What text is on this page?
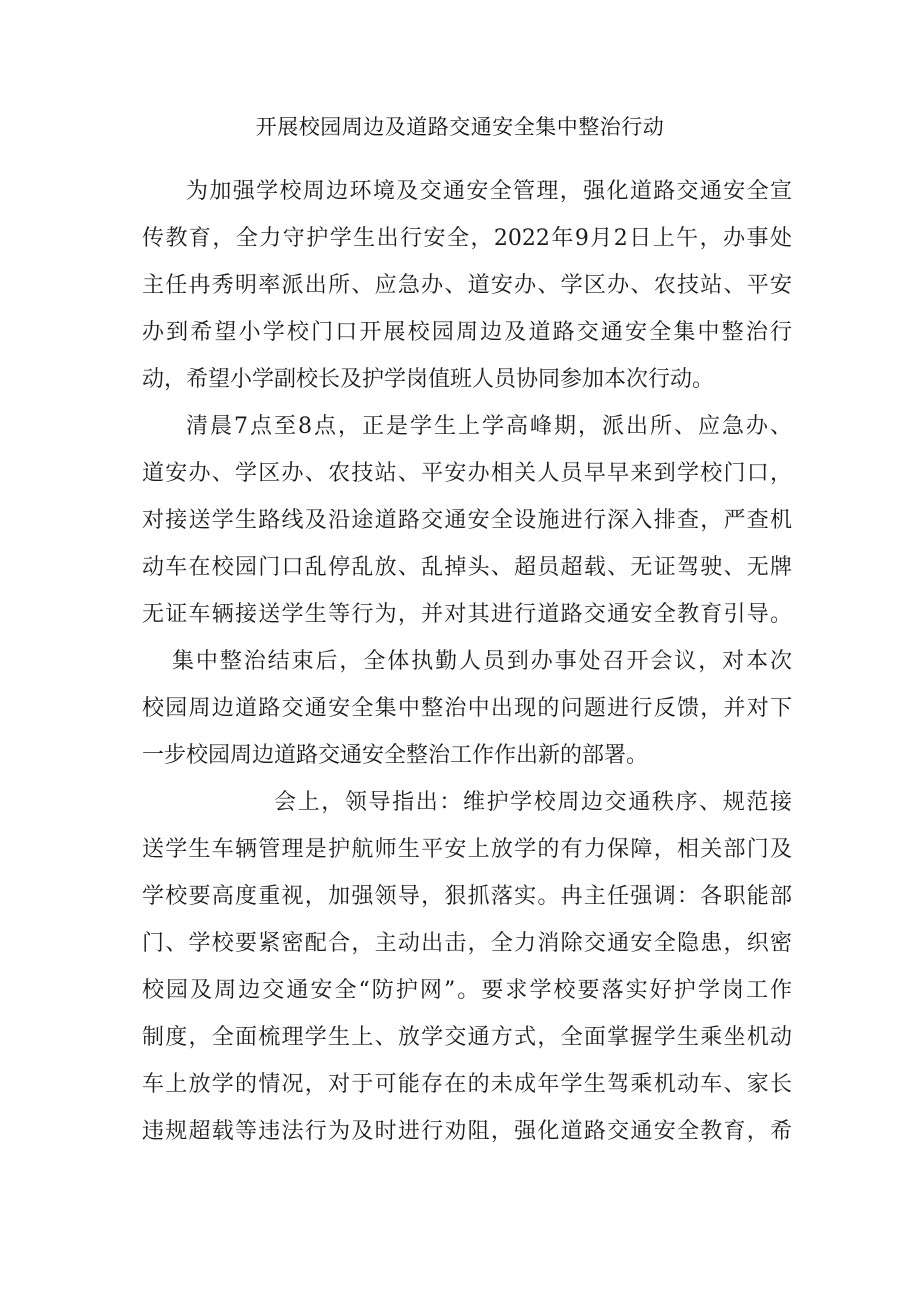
开展校园周边及道路交通安全集中整治行动
为加强学校周边环境及交通安全管理，强化道路交通安全宣
传教育，全力守护学生出行安全，2022年9月2日上午，办事处
主任冉秀明率派出所、应急办、道安办、学区办、农技站、平安
办到希望小学校门口开展校园周边及道路交通安全集中整治行
动，希望小学副校长及护学岗值班人员协同参加本次行动。
清晨7点至8点，正是学生上学高峰期，派出所、应急办、
道安办、学区办、农技站、平安办相关人员早早来到学校门口，
对接送学生路线及沿途道路交通安全设施进行深入排查，严查机
动车在校园门口乱停乱放、乱掉头、超员超载、无证驾驶、无牌
无证车辆接送学生等行为，并对其进行道路交通安全教育引导。
集中整治结束后，全体执勤人员到办事处召开会议，对本次
校园周边道路交通安全集中整治中出现的问题进行反馈，并对下
一步校园周边道路交通安全整治工作作出新的部署。
会上，领导指出：维护学校周边交通秩序、规范接
送学生车辆管理是护航师生平安上放学的有力保障，相关部门及
学校要高度重视，加强领导，狠抓落实。冉主任强调：各职能部
门、学校要紧密配合，主动出击，全力消除交通安全隐患，织密
校园及周边交通安全“防护网”。要求学校要落实好护学岗工作
制度，全面梳理学生上、放学交通方式，全面掌握学生乘坐机动
车上放学的情况，对于可能存在的未成年学生驾乘机动车、家长
违规超载等违法行为及时进行劝阻，强化道路交通安全教育，希
